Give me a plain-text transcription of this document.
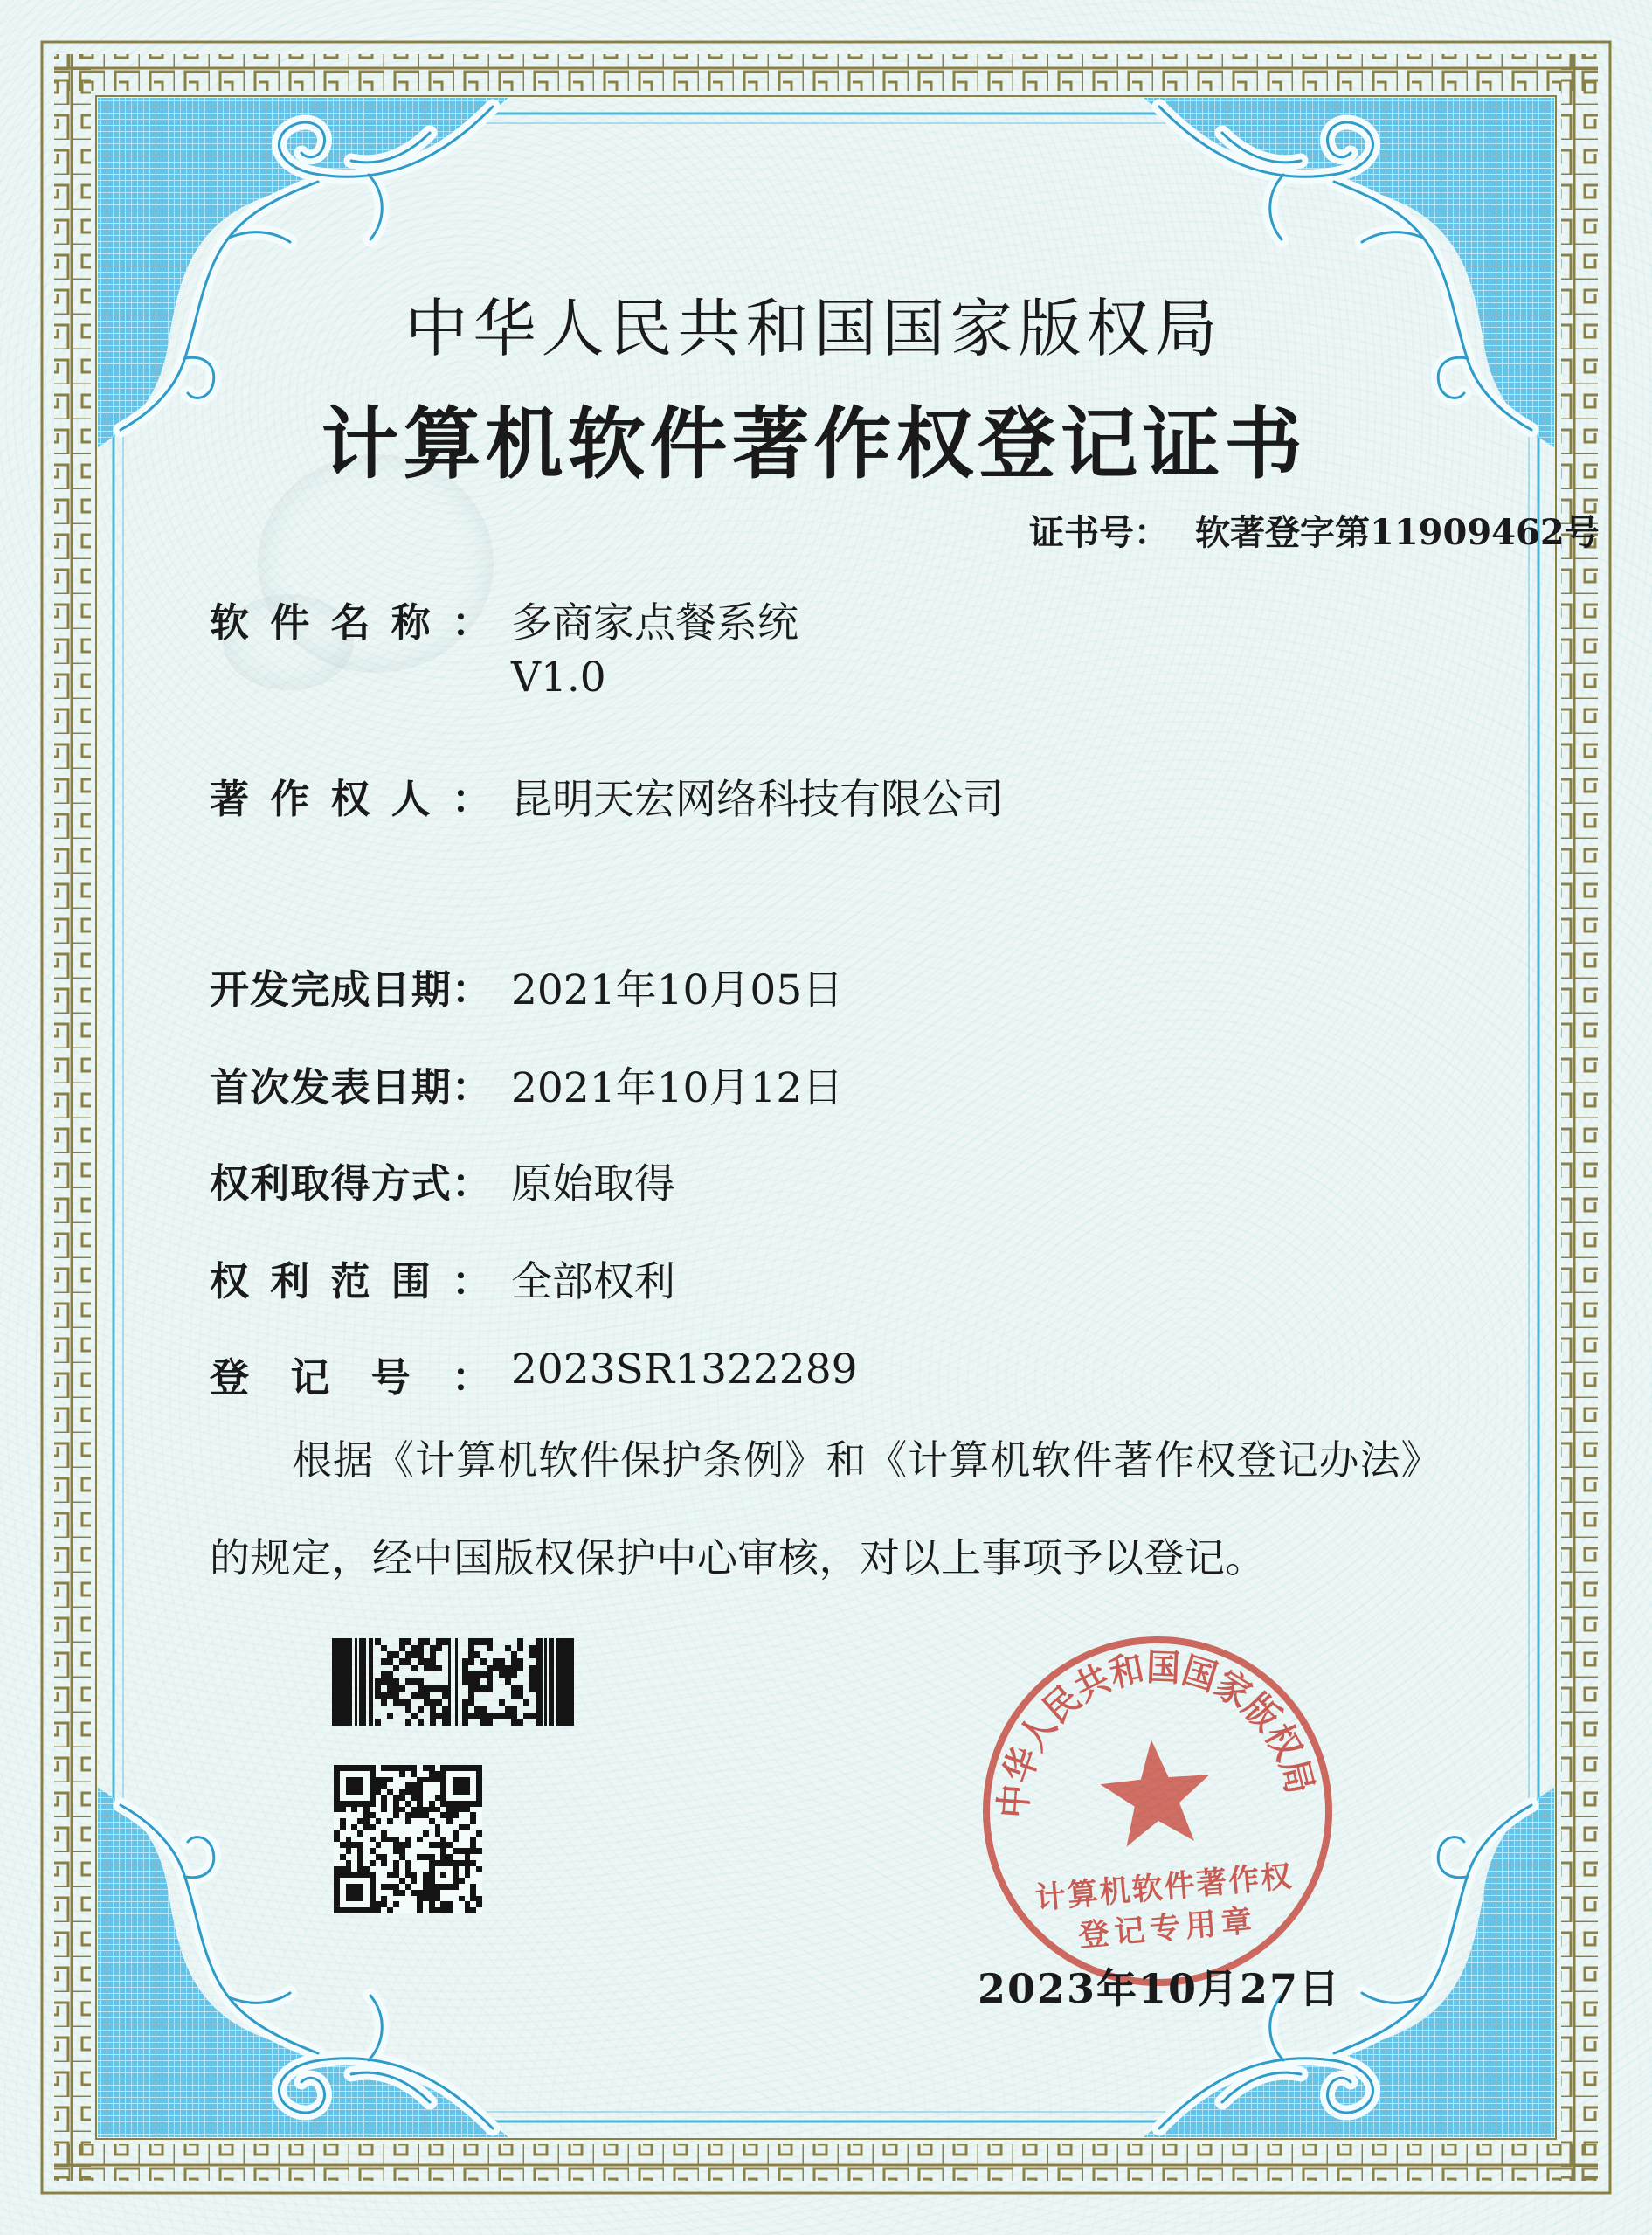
中华人民共和国国家版权局
计算机软件著作权登记证书
证书号： 软著登字第11909462号
软件名称： 多商家点餐系统
V1.0
著作权人： 昆明天宏网络科技有限公司
开发完成日期： 2021年10月05日
首次发表日期： 2021年10月12日
权利取得方式： 原始取得
权利范围： 全部权利
登记号： 2023SR1322289
根据《计算机软件保护条例》和《计算机软件著作权登记办法》的规定，经中国版权保护中心审核，对以上事项予以登记。
中华人民共和国国家版权局
计算机软件著作权
登记专用章
2023年10月27日
